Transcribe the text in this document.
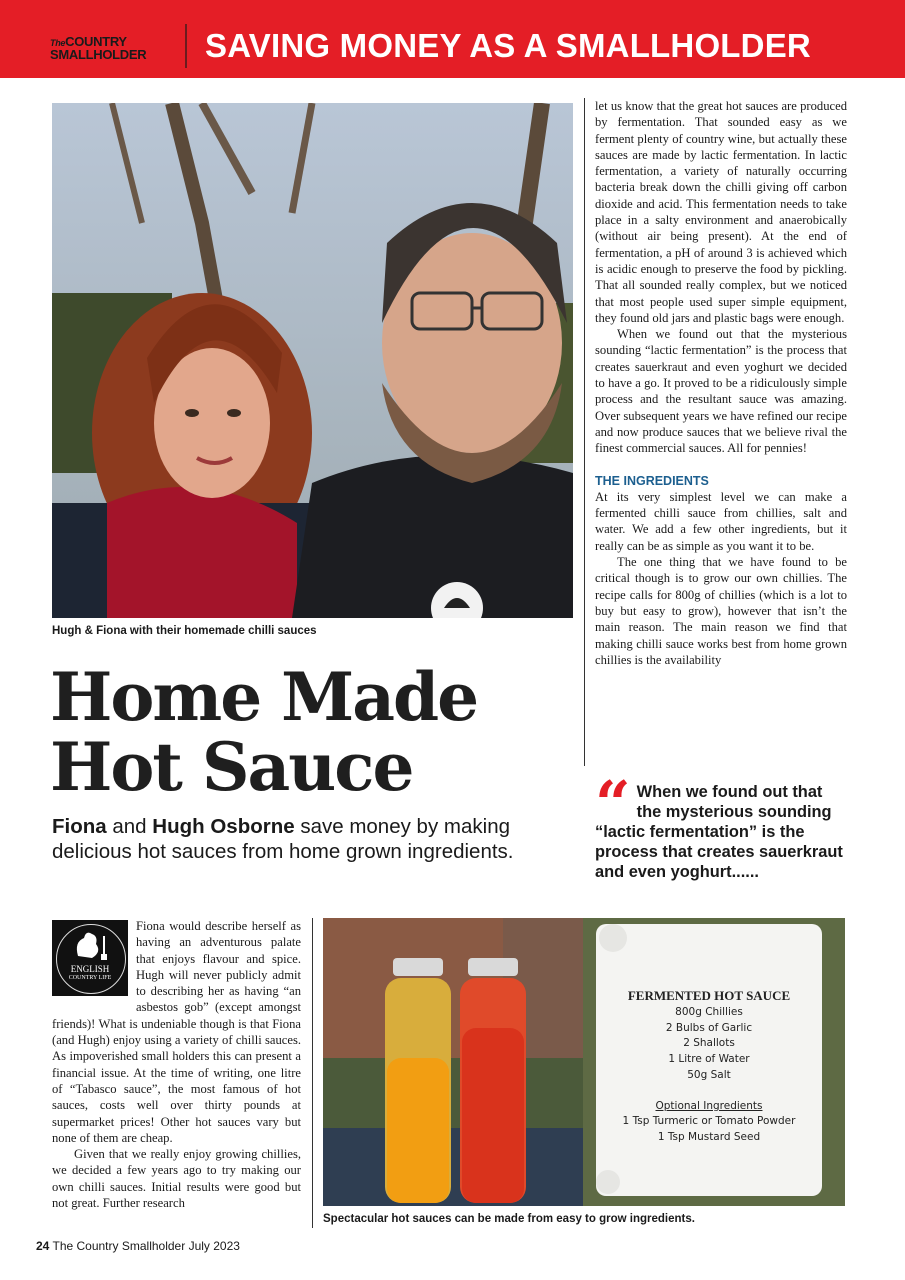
TheCOUNTRY
SMALLHOLDER SAVING MONEY AS A SMALLHOLDER
Hugh & Fiona with their homemade chilli sauces
Home Made
Hot Sauce
Fiona and Hugh Osborne save money by making delicious hot sauces from home grown ingredients.

let us know that the great hot sauces are produced by fermentation. That sounded easy as we ferment plenty of country wine, but actually these sauces are made by lactic fermentation. In lactic fermentation, a variety of naturally occurring bacteria break down the chilli giving off carbon dioxide and acid. This fermentation needs to take place in a salty environment and anaerobically (without air being present). At the end of fermentation, a pH of around 3 is achieved which is acidic enough to preserve the food by pickling. That all sounded really complex, but we noticed that most people used super simple equipment, they found old jars and plastic bags were enough.

When we found out that the mysterious sounding “lactic fermentation” is the process that creates sauerkraut and even yoghurt we decided to have a go. It proved to be a ridiculously simple process and the resultant sauce was amazing. Over subsequent years we have refined our recipe and now produce sauces that we believe rival the finest commercial sauces. All for pennies!

THE INGREDIENTS

At its very simplest level we can make a fermented chilli sauce from chillies, salt and water. We add a few other ingredients, but it really can be as simple as you want it to be.

The one thing that we have found to be critical though is to grow our own chillies. The recipe calls for 800g of chillies (which is a lot to buy but easy to grow), however that isn’t the main reason. The main reason we find that making chilli sauce works best from home grown chillies is the availability

“ When we found out that the mysterious sounding “lactic fermentation” is the process that creates sauerkraut and even yoghurt......
ENGLISH
COUNTRY LIFE

Fiona would describe herself as having an adventurous palate that enjoys flavour and spice. Hugh will never publicly admit to describing her as having “an asbestos gob” (except amongst friends)! What is undeniable though is that Fiona (and Hugh) enjoy using a variety of chilli sauces. As impoverished small holders this can present a financial issue. At the time of writing, one litre of “Tabasco sauce”, the most famous of hot sauces, costs well over thirty pounds at supermarket prices! Other hot sauces vary but none of them are cheap.

Given that we really enjoy growing chillies, we decided a few years ago to try making our own chilli sauces. Initial results were good but not great. Further research

FERMENTED HOT SAUCE
800g Chillies
2 Bulbs of Garlic
2 Shallots
1 Litre of Water
50g Salt
Optional Ingredients
1 Tsp Turmeric or Tomato Powder
1 Tsp Mustard Seed
Spectacular hot sauces can be made from easy to grow ingredients.
24 The Country Smallholder July 2023
